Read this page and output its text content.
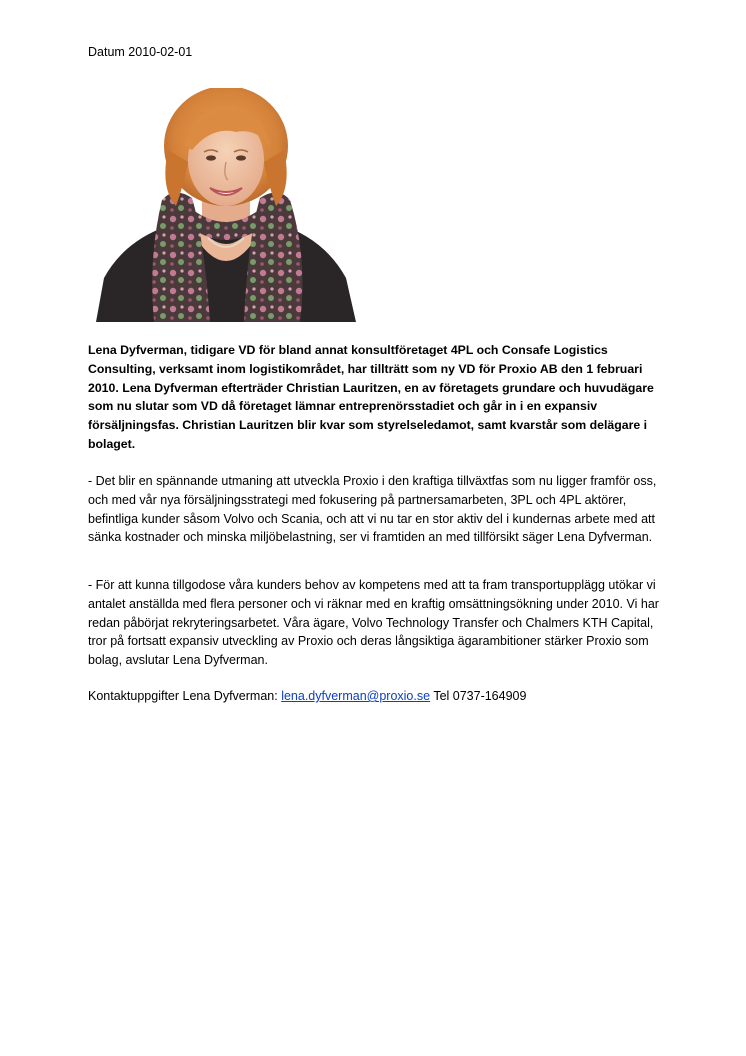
Datum 2010-02-01

Lena Dyfverman, tidigare VD för bland annat konsultföretaget 4PL och Consafe Logistics Consulting, verksamt inom logistikområdet, har tillträtt som ny VD för Proxio AB den 1 februari 2010. Lena Dyfverman efterträder Christian Lauritzen, en av företagets grundare och huvudägare som nu slutar som VD då företaget lämnar entreprenörsstadiet och går in i en expansiv försäljningsfas. Christian Lauritzen blir kvar som styrelseledamot, samt kvarstår som delägare i bolaget.

- Det blir en spännande utmaning att utveckla Proxio i den kraftiga tillväxtfas som nu ligger framför oss, och med vår nya försäljningsstrategi med fokusering på partnersamarbeten, 3PL och 4PL aktörer, befintliga kunder såsom Volvo och Scania, och att vi nu tar en stor aktiv del i kundernas arbete med att sänka kostnader och minska miljöbelastning, ser vi framtiden an med tillförsikt säger Lena Dyfverman.

- För att kunna tillgodose våra kunders behov av kompetens med att ta fram transportupplägg utökar vi antalet anställda med flera personer och vi räknar med en kraftig omsättningsökning under 2010. Vi har redan påbörjat rekryteringsarbetet. Våra ägare, Volvo Technology Transfer och Chalmers KTH Capital, tror på fortsatt expansiv utveckling av Proxio och deras långsiktiga ägarambitioner stärker Proxio som bolag, avslutar Lena Dyfverman.

Kontaktuppgifter Lena Dyfverman: lena.dyfverman@proxio.se Tel 0737-164909
